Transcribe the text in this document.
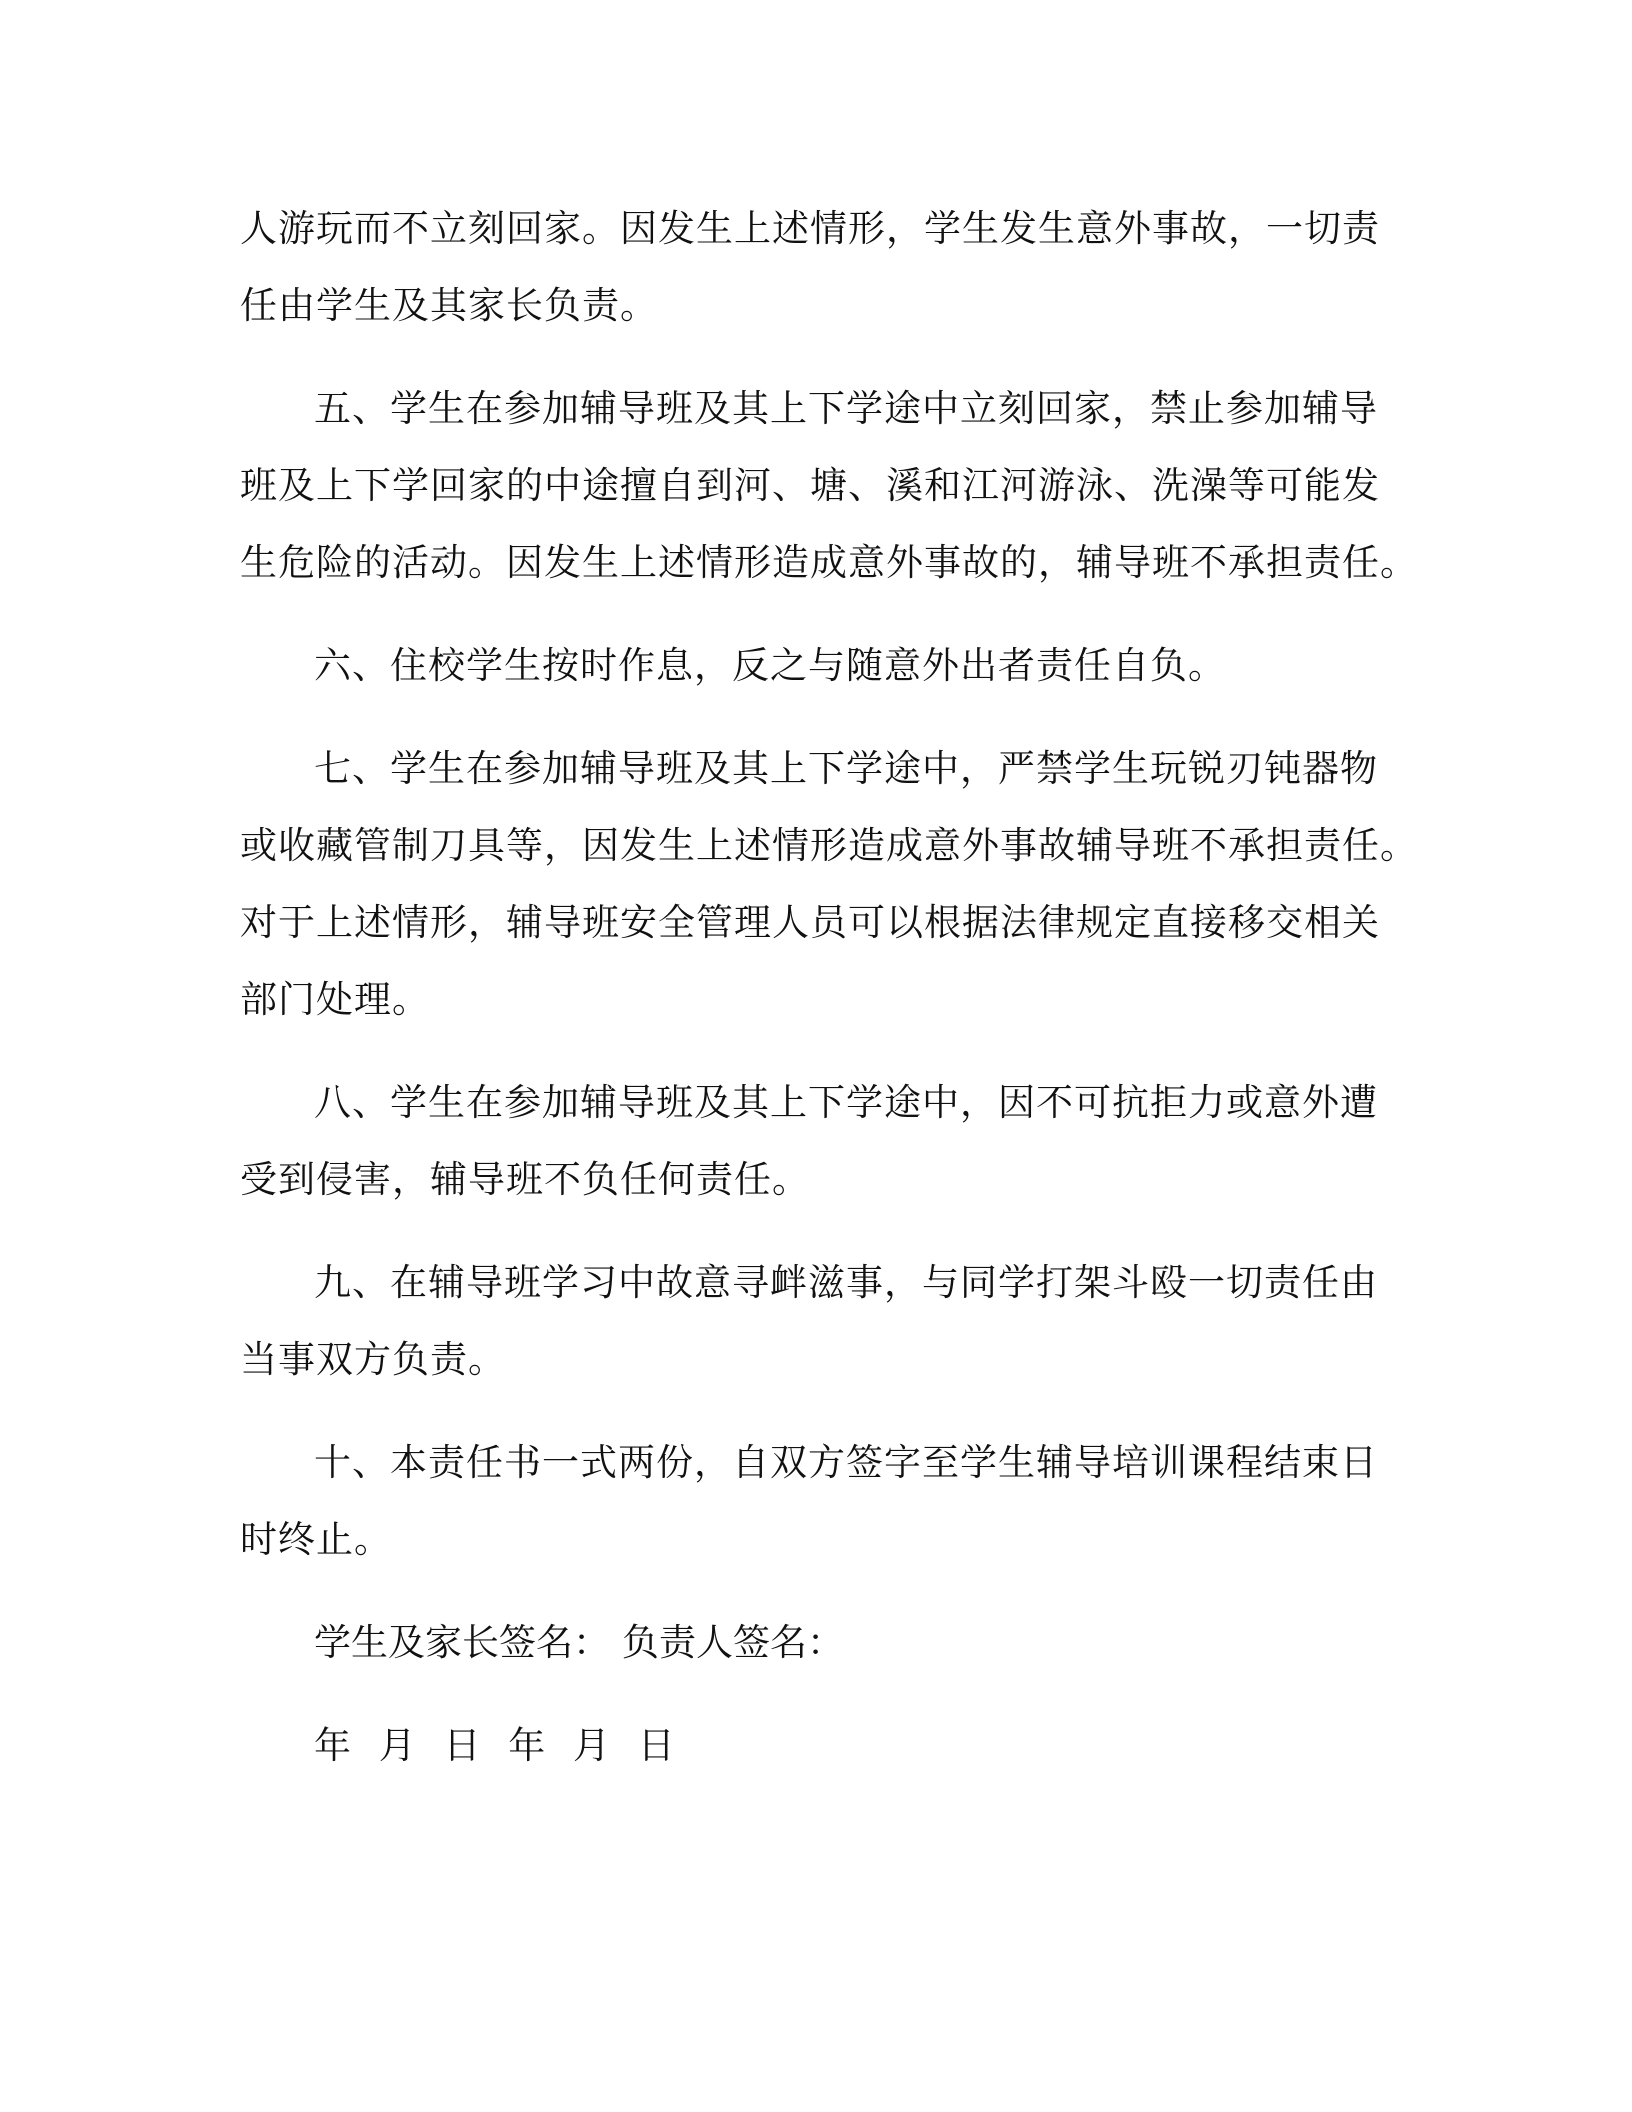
人游玩而不立刻回家。因发生上述情形，学生发生意外事故，一切责
任由学生及其家长负责。
五、学生在参加辅导班及其上下学途中立刻回家，禁止参加辅导
班及上下学回家的中途擅自到河、塘、溪和江河游泳、洗澡等可能发
生危险的活动。因发生上述情形造成意外事故的，辅导班不承担责任。
六、住校学生按时作息，反之与随意外出者责任自负。
七、学生在参加辅导班及其上下学途中，严禁学生玩锐刃钝器物
或收藏管制刀具等，因发生上述情形造成意外事故辅导班不承担责任。
对于上述情形，辅导班安全管理人员可以根据法律规定直接移交相关
部门处理。
八、学生在参加辅导班及其上下学途中，因不可抗拒力或意外遭
受到侵害，辅导班不负任何责任。
九、在辅导班学习中故意寻衅滋事，与同学打架斗殴一切责任由
当事双方负责。
十、本责任书一式两份，自双方签字至学生辅导培训课程结束日
时终止。
学生及家长签名： 负责人签名：
年 月 日 年 月 日
